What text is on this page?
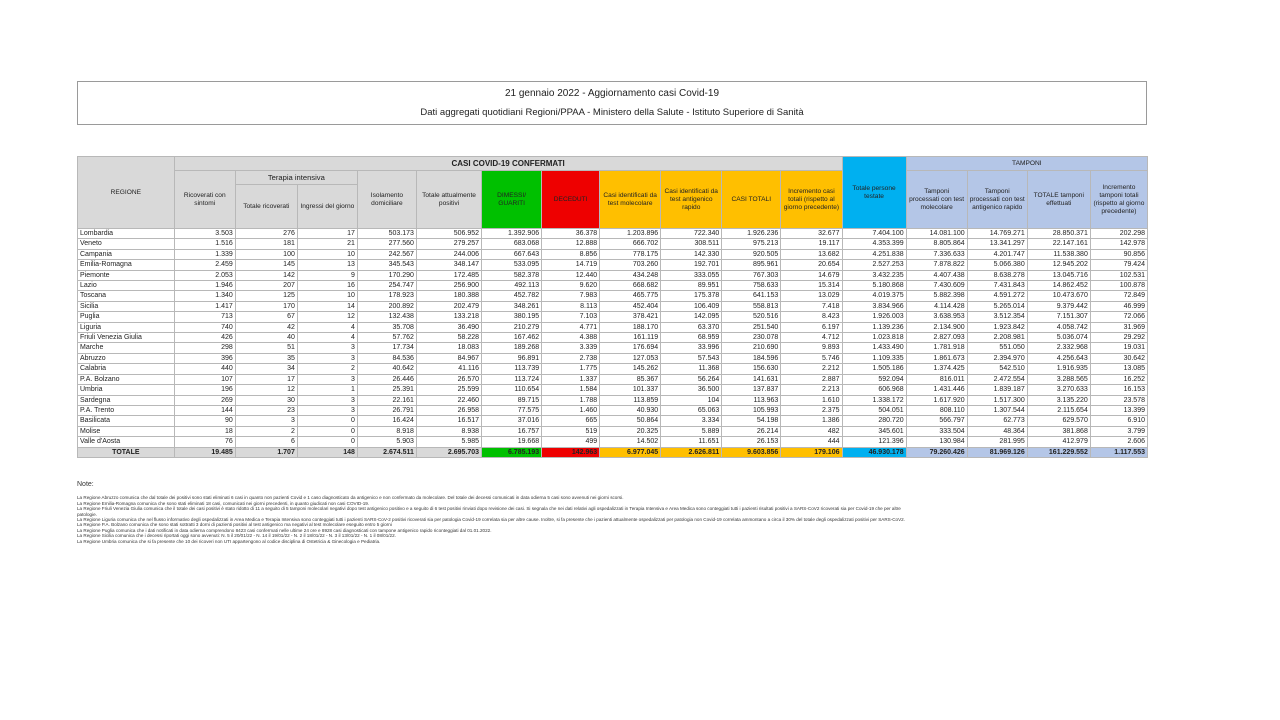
21 gennaio 2022 - Aggiornamento casi Covid-19
Dati aggregati quotidiani Regioni/PPAA - Ministero della Salute - Istituto Superiore di Sanità
REGIONE	CASI COVID-19 CONFERMATI											Totale persone testate	TAMPONI			
	Ricoverati con sintomi	Terapia intensiva		Isolamento domiciliare	Totale attualmente positivi	DIMESSI/ GUARITI	DECEDUTI	Casi identificati da test molecolare	Casi identificati da test antigenico rapido	CASI TOTALI	Incremento casi totali (rispetto al giorno precedente)		Tamponi processati con test molecolare	Tamponi processati con test antigenico rapido	TOTALE tamponi effettuati	Incremento tamponi totali (rispetto al giorno precedente)
		Totale ricoverati	Ingressi del giorno													
Lombardia	3.503	276	17	503.173	506.952	1.392.906	36.378	1.203.896	722.340	1.926.236	32.677	7.404.100	14.081.100	14.769.271	28.850.371	202.298
Veneto	1.516	181	21	277.560	279.257	683.068	12.888	666.702	308.511	975.213	19.117	4.353.399	8.805.864	13.341.297	22.147.161	142.978
Campania	1.339	100	10	242.567	244.006	667.643	8.856	778.175	142.330	920.505	13.682	4.251.838	7.336.633	4.201.747	11.538.380	90.856
Emilia-Romagna	2.459	145	13	345.543	348.147	533.095	14.719	703.260	192.701	895.961	20.654	2.527.253	7.878.822	5.066.380	12.945.202	79.424
Piemonte	2.053	142	9	170.290	172.485	582.378	12.440	434.248	333.055	767.303	14.679	3.432.235	4.407.438	8.638.278	13.045.716	102.531
Lazio	1.946	207	16	254.747	256.900	492.113	9.620	668.682	89.951	758.633	15.314	5.180.868	7.430.609	7.431.843	14.862.452	100.878
Toscana	1.340	125	10	178.923	180.388	452.782	7.983	465.775	175.378	641.153	13.029	4.019.375	5.882.398	4.591.272	10.473.670	72.849
Sicilia	1.417	170	14	200.892	202.479	348.261	8.113	452.404	106.409	558.813	7.418	3.834.966	4.114.428	5.265.014	9.379.442	46.999
Puglia	713	67	12	132.438	133.218	380.195	7.103	378.421	142.095	520.516	8.423	1.926.003	3.638.953	3.512.354	7.151.307	72.066
Liguria	740	42	4	35.708	36.490	210.279	4.771	188.170	63.370	251.540	6.197	1.139.236	2.134.900	1.923.842	4.058.742	31.969
Friuli Venezia Giulia	426	40	4	57.762	58.228	167.462	4.388	161.119	68.959	230.078	4.712	1.023.818	2.827.093	2.208.981	5.036.074	29.292
Marche	298	51	3	17.734	18.083	189.268	3.339	176.694	33.996	210.690	9.893	1.433.490	1.781.918	551.050	2.332.968	19.031
Abruzzo	396	35	3	84.536	84.967	96.891	2.738	127.053	57.543	184.596	5.746	1.109.335	1.861.673	2.394.970	4.256.643	30.642
Calabria	440	34	2	40.642	41.116	113.739	1.775	145.262	11.368	156.630	2.212	1.505.186	1.374.425	542.510	1.916.935	13.085
P.A. Bolzano	107	17	3	26.446	26.570	113.724	1.337	85.367	56.264	141.631	2.887	592.094	816.011	2.472.554	3.288.565	16.252
Umbria	196	12	1	25.391	25.599	110.654	1.584	101.337	36.500	137.837	2.213	606.968	1.431.446	1.839.187	3.270.633	16.153
Sardegna	269	30	3	22.161	22.460	89.715	1.788	113.859	104	113.963	1.610	1.338.172	1.617.920	1.517.300	3.135.220	23.578
P.A. Trento	144	23	3	26.791	26.958	77.575	1.460	40.930	65.063	105.993	2.375	504.051	808.110	1.307.544	2.115.654	13.399
Basilicata	90	3	0	16.424	16.517	37.016	665	50.864	3.334	54.198	1.386	280.720	566.797	62.773	629.570	6.910
Molise	18	2	0	8.918	8.938	16.757	519	20.325	5.889	26.214	482	345.601	333.504	48.364	381.868	3.799
Valle d'Aosta	76	6	0	5.903	5.985	19.668	499	14.502	11.651	26.153	444	121.396	130.984	281.995	412.979	2.606
TOTALE	19.485	1.707	148	2.674.511	2.695.703	6.785.193	142.963	6.977.045	2.626.811	9.603.856	179.106	46.930.178	79.260.426	81.969.126	161.229.552	1.117.553
Note:
La Regione Abruzzo comunica che dal totale dei positivi sono stati eliminati 6 casi in quanto non pazienti Covid e 1 caso diagnosticato da antigenico e non confermato da molecolare. Del totale dei decessi comunicati in data odierna 5 casi sono avvenuti nei giorni scorsi.
La Regione Emilia-Romagna comunica che sono stati eliminati 18 casi, comunicati nei giorni precedenti, in quanto giudicati non casi COVID-19.
La Regione Friuli Venezia Giulia comunica che il totale dei casi positivi è stato ridotto di 11 a seguito di 5 tamponi molecolari negativi dopo test antigenico positivo e a seguito di 6 test positivi rinviati dopo revisione dei casi. Si segnala che nei dati relativi agli ospedalizzati in Terapia Intensiva e Area Medica sono conteggiati tutti i pazienti risultati positivi a SARS-CoV2 ricoverati sia per Covid-19 che per altre
patologie.
La Regione Liguria comunica che nel flusso informativo degli ospedalizzati in Area Medica e Terapia Intensiva sono conteggiati tutti i pazienti SARS-CoV-2 positivi ricoverati sia per patologia Covid-19 correlata sia per altre cause. Inoltre, si fa presente che i pazienti attualmente ospedalizzati per patologia non Covid-19 correlata ammontano a circa il 30% del totale degli ospedalizzati positivi per SARS-CoV2.
La Regione P.A. Bolzano comunica che sono stati sottratti 3 dorni di pazienti positivi al test antigenico ma negativi al test molecolare eseguito entro 5 giorni
La Regione Puglia comunica che i dati notificati in data odierna comprendono 8423 casi confermati nelle ultime 24 ore e 8928 casi diagnosticati con tampone antigenico rapido riconteggiati dal 01.01.2022.
La Regione Sicilia comunica che i decessi riportati oggi sono avvenuti: N. 5 il 20/01/22 - N. 14 il 19/01/22 - N. 2 il 18/01/22 - N. 3 il 13/01/22 - N. 1 il 08/01/22.
La Regione Umbria comunica che si fa presente che 10 dei ricoveri non UTI appartengono al codice disciplina di Ostetricia & Ginecologia e Pediatria.
